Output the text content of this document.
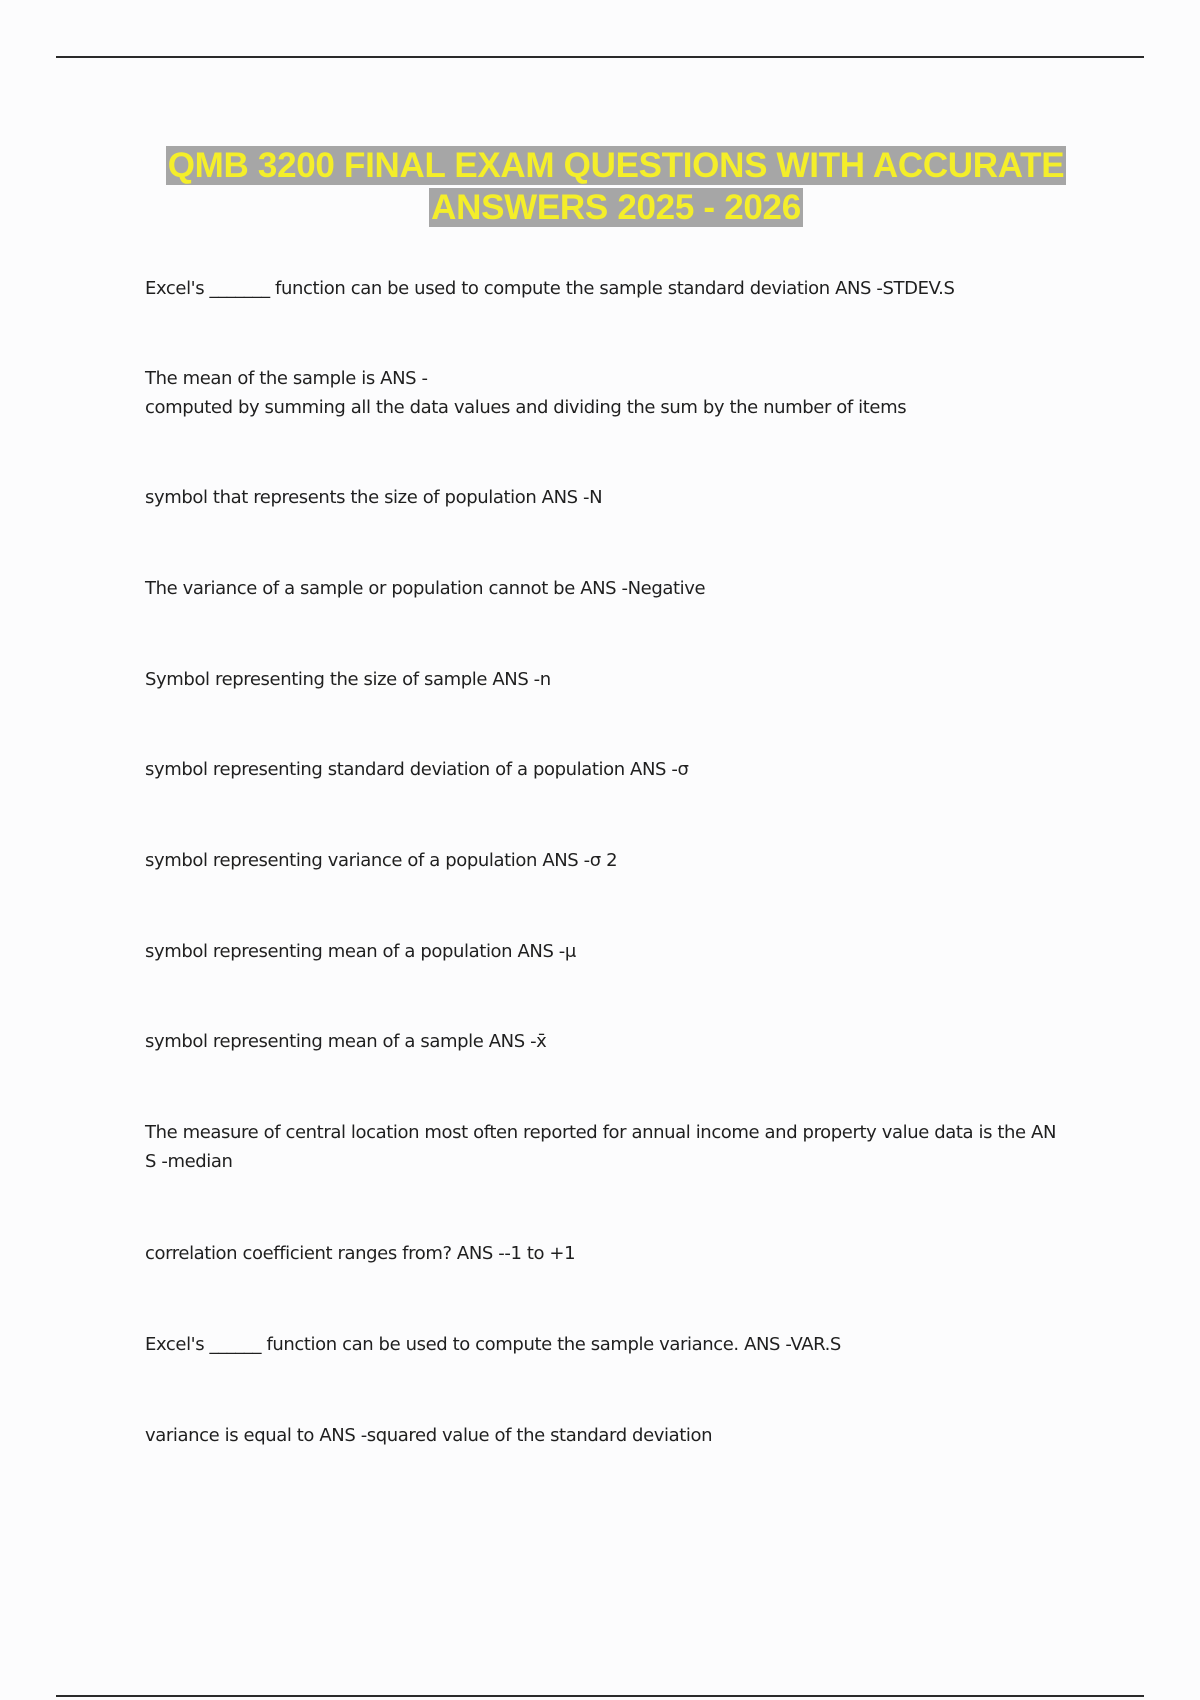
QMB 3200 FINAL EXAM QUESTIONS WITH ACCURATE
ANSWERS 2025 - 2026
Excel's _______ function can be used to compute the sample standard deviation ANS -STDEV.S
The mean of the sample is ANS -
computed by summing all the data values and dividing the sum by the number of items
symbol that represents the size of population ANS -N
The variance of a sample or population cannot be ANS -Negative
Symbol representing the size of sample ANS -n
symbol representing standard deviation of a population ANS -σ
symbol representing variance of a population ANS -σ 2
symbol representing mean of a population ANS -μ
symbol representing mean of a sample ANS -x̄
The measure of central location most often reported for annual income and property value data is the AN
S -median
correlation coefficient ranges from? ANS --1 to +1
Excel's ______ function can be used to compute the sample variance. ANS -VAR.S
variance is equal to ANS -squared value of the standard deviation
